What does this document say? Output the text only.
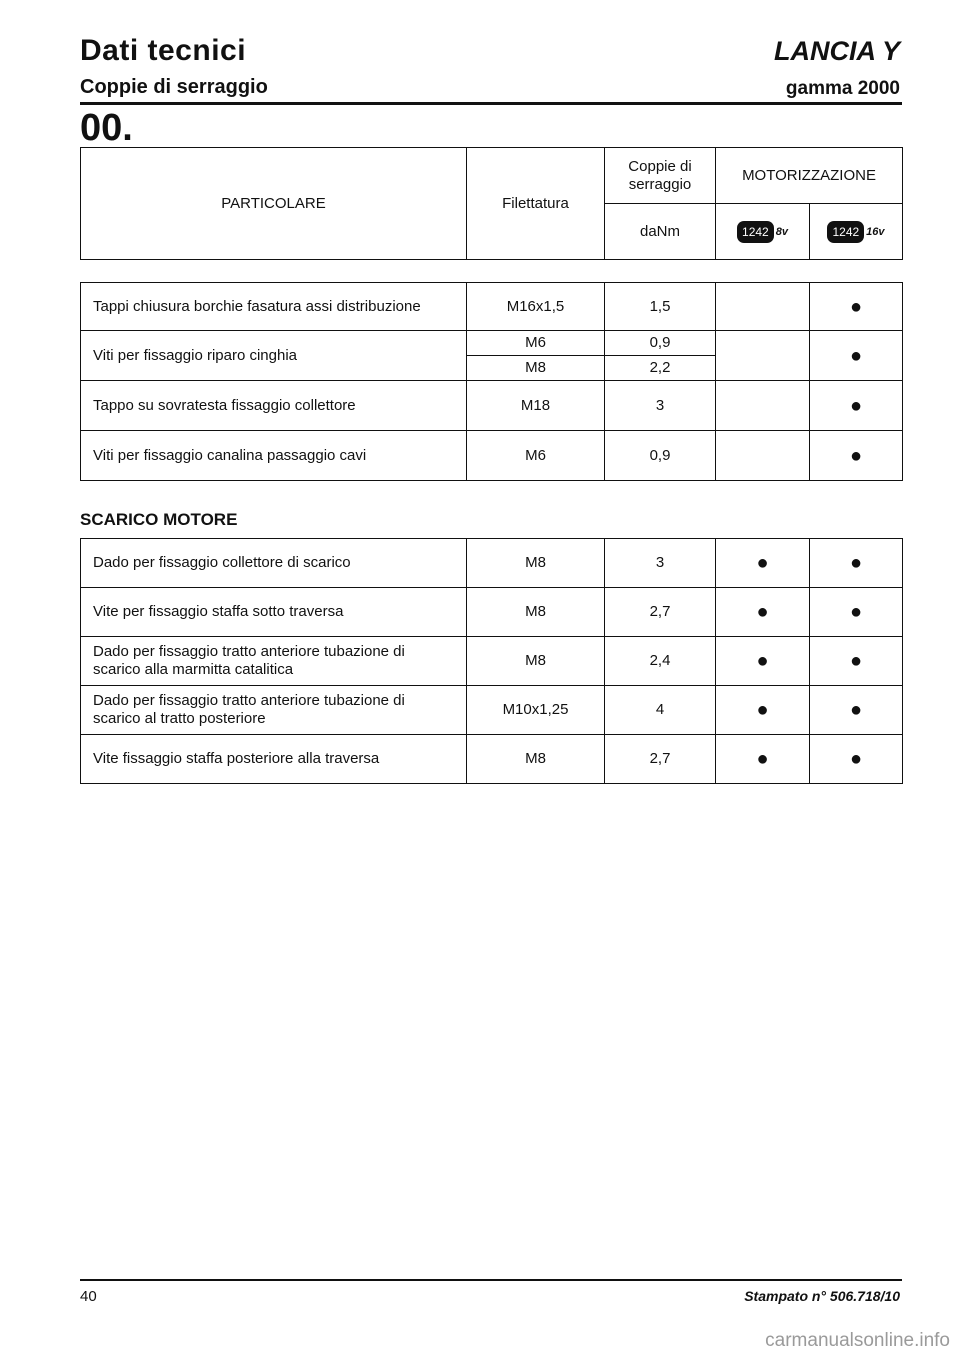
Dati tecnici
Coppie di serraggio
LANCIA Y
gamma 2000
00.
PARTICOLARE	Filettatura	Coppie di serraggio	MOTORIZZAZIONE	
		daNm	1242 8v	1242 16v
Tappi chiusura borchie fasatura assi distribuzione	M16x1,5	1,5		●
Viti per fissaggio riparo cinghia	M6	0,9		●
	M8	2,2		
Tappo su sovratesta fissaggio collettore	M18	3		●
Viti per fissaggio canalina passaggio cavi	M6	0,9		●
SCARICO MOTORE
Dado per fissaggio collettore di scarico	M8	3	●	●
Vite per fissaggio staffa sotto traversa	M8	2,7	●	●
Dado per fissaggio tratto anteriore tubazione di scarico alla marmitta catalitica	M8	2,4	●	●
Dado per fissaggio tratto anteriore tubazione di scarico al tratto posteriore	M10x1,25	4	●	●
Vite fissaggio staffa posteriore alla traversa	M8	2,7	●	●
40	Stampato n° 506.718/10
carmanualsonline.info
